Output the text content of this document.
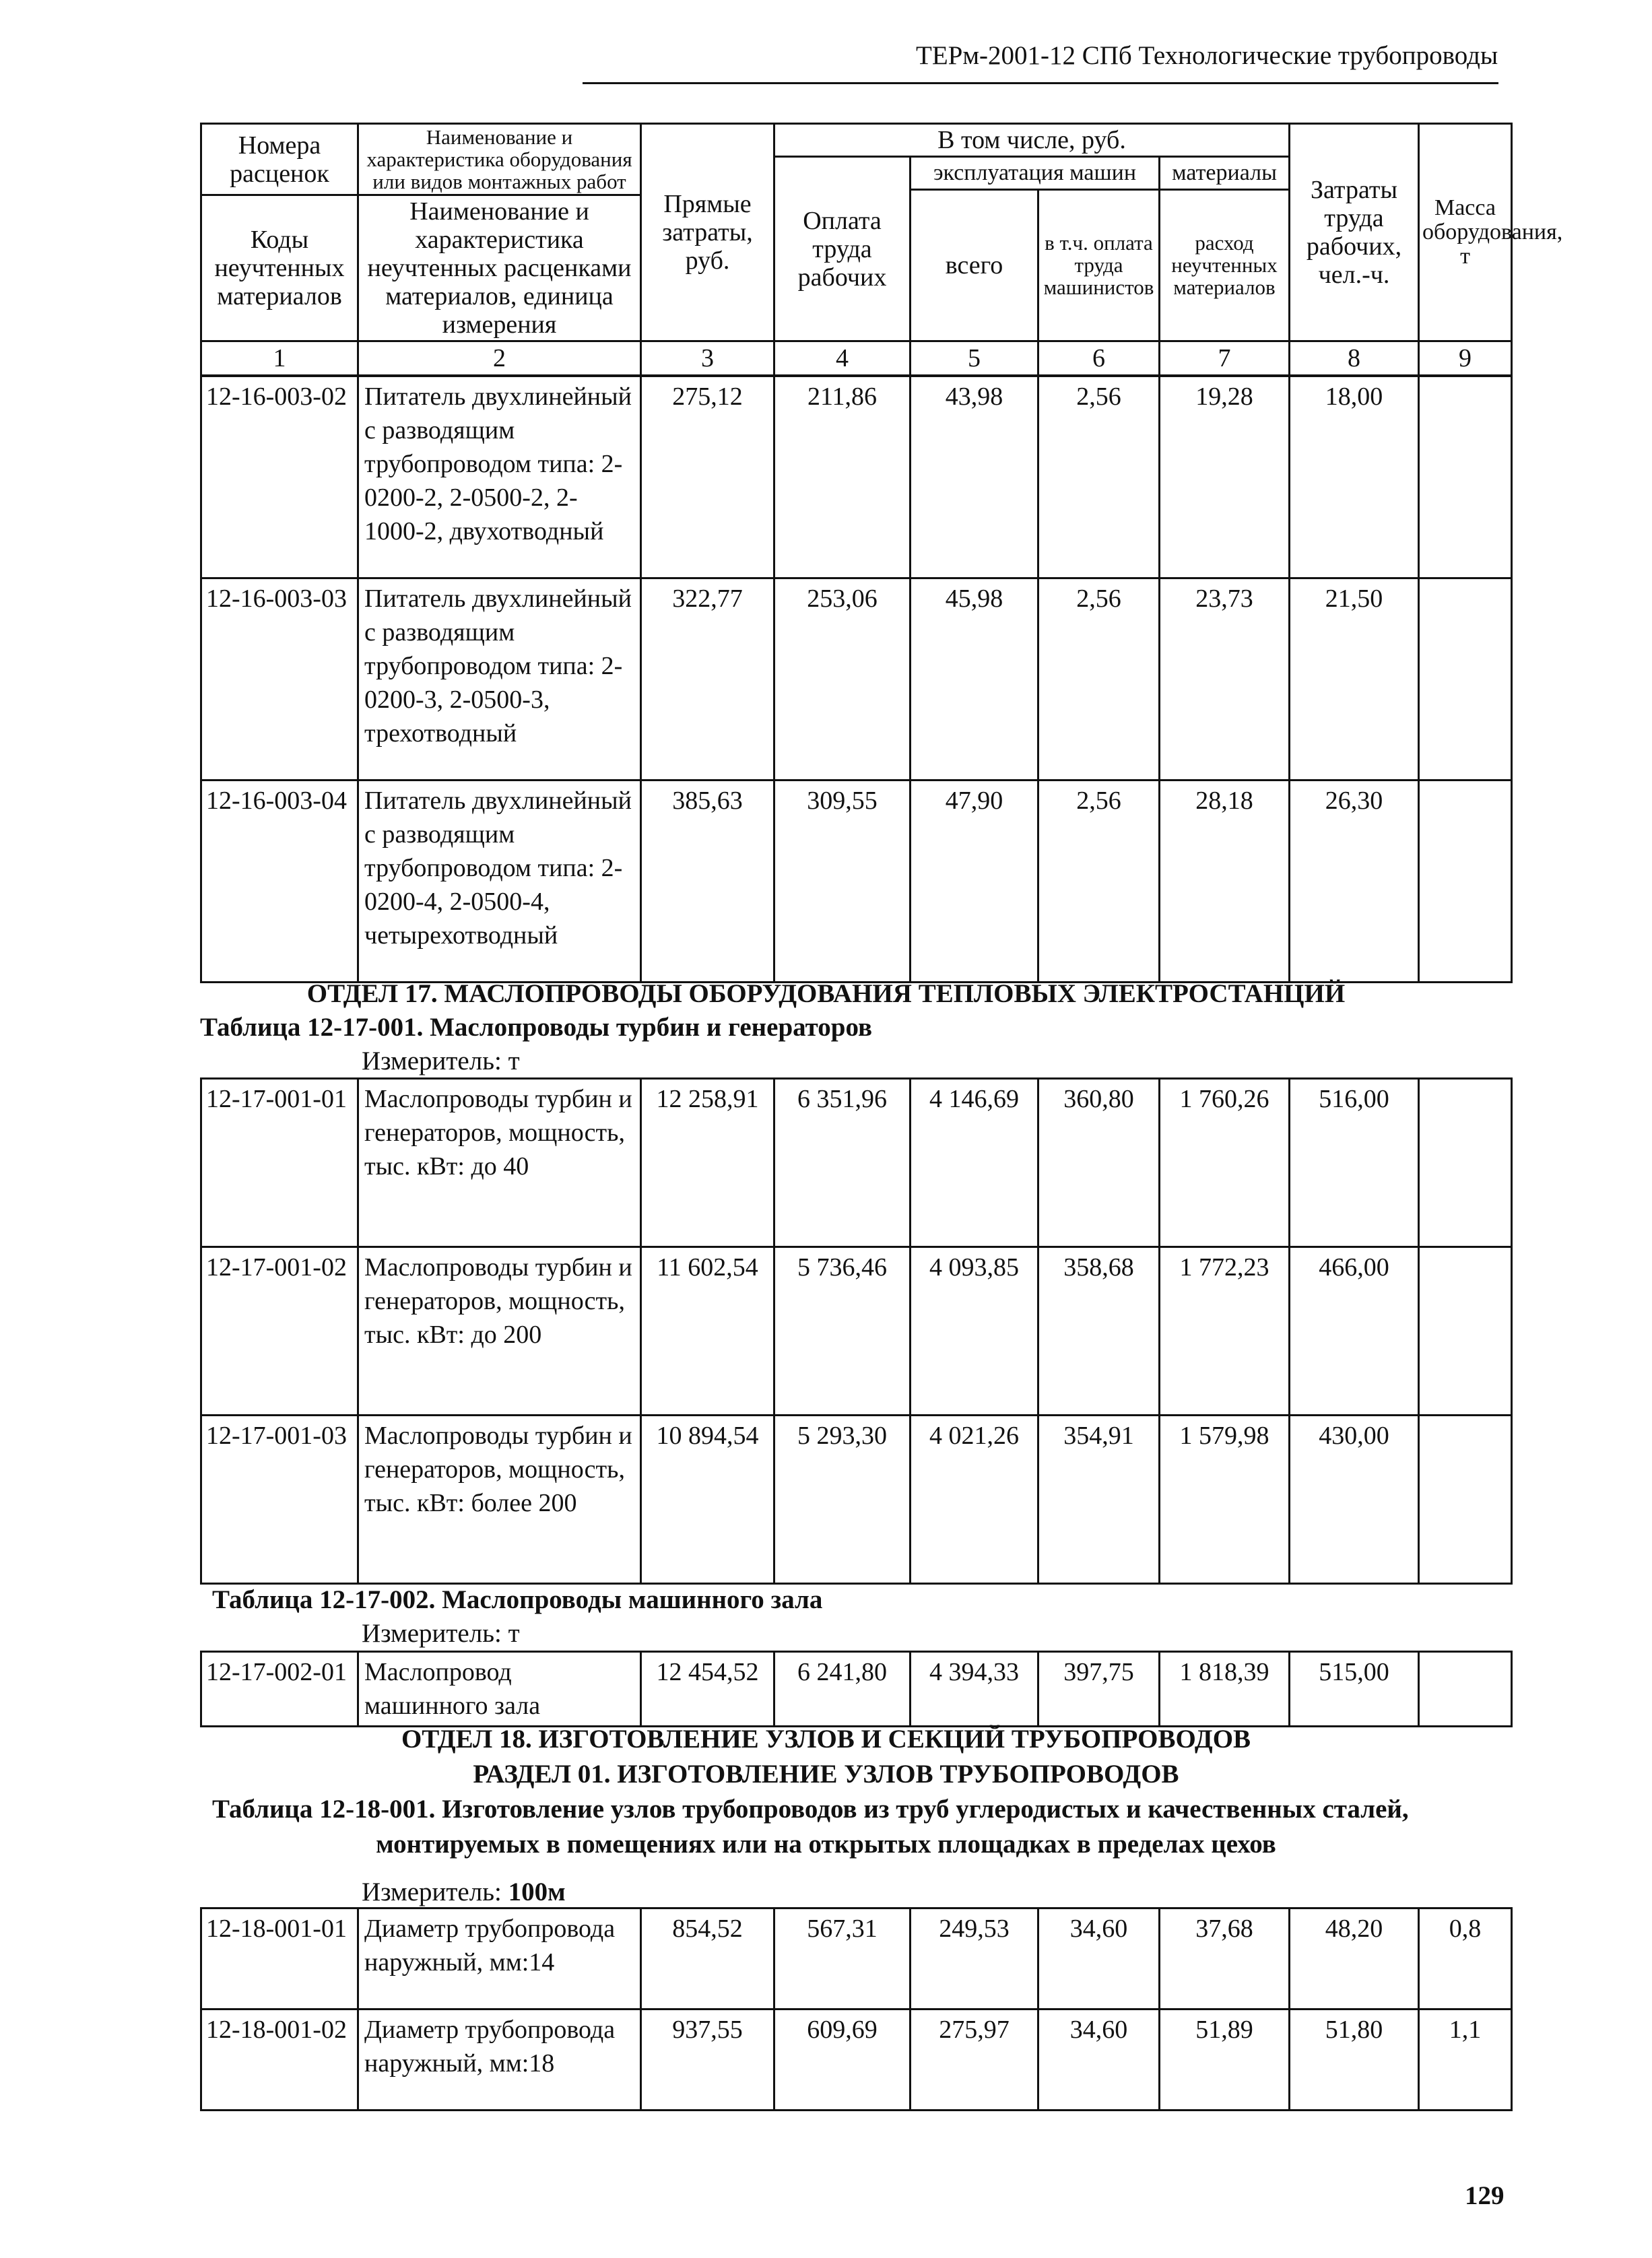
ТЕРм-2001-12 СПб Технологические трубопроводы
Номера расценок	Наименование и характеристика оборудования или видов монтажных работ	Прямые затраты, руб.	В том числе, руб.				Затраты труда рабочих, чел.-ч.	Масса оборудования, т
			Оплата труда рабочих	эксплуатация машин		материалы		
				всего	в т.ч. оплата труда машинистов	расход неучтенных материалов		
Коды неучтенных материалов	Наименование и характеристика неучтенных расценками материалов, единица измерения							

1	2	3	4	5	6	7	8	9
12-16-003-02	Питатель двухлинейный с разводящим трубопроводом типа: 2-0200-2, 2-0500-2, 2-1000-2, двухотводный	275,12	211,86	43,98	2,56	19,28	18,00	
12-16-003-03	Питатель двухлинейный с разводящим трубопроводом типа: 2-0200-3, 2-0500-3, трехотводный	322,77	253,06	45,98	2,56	23,73	21,50	
12-16-003-04	Питатель двухлинейный с разводящим трубопроводом типа: 2-0200-4, 2-0500-4, четырехотводный	385,63	309,55	47,90	2,56	28,18	26,30	
ОТДЕЛ 17. МАСЛОПРОВОДЫ ОБОРУДОВАНИЯ ТЕПЛОВЫХ ЭЛЕКТРОСТАНЦИЙ
Таблица 12-17-001. Маслопроводы турбин и генераторов
Измеритель: т
12-17-001-01	Маслопроводы турбин и генераторов, мощность, тыс. кВт: до 40	12 258,91	6 351,96	4 146,69	360,80	1 760,26	516,00	
12-17-001-02	Маслопроводы турбин и генераторов, мощность, тыс. кВт: до 200	11 602,54	5 736,46	4 093,85	358,68	1 772,23	466,00	
12-17-001-03	Маслопроводы турбин и генераторов, мощность, тыс. кВт: более 200	10 894,54	5 293,30	4 021,26	354,91	1 579,98	430,00	
Таблица 12-17-002. Маслопроводы машинного зала
Измеритель: т
12-17-002-01	Маслопровод машинного зала	12 454,52	6 241,80	4 394,33	397,75	1 818,39	515,00	
ОТДЕЛ 18. ИЗГОТОВЛЕНИЕ УЗЛОВ И СЕКЦИЙ ТРУБОПРОВОДОВ
РАЗДЕЛ 01. ИЗГОТОВЛЕНИЕ УЗЛОВ ТРУБОПРОВОДОВ
Таблица 12-18-001. Изготовление узлов трубопроводов из труб углеродистых и качественных сталей,
монтируемых в помещениях или на открытых площадках в пределах цехов
Измеритель: 100м
12-18-001-01	Диаметр трубопровода наружный, мм:14	854,52	567,31	249,53	34,60	37,68	48,20	0,8
12-18-001-02	Диаметр трубопровода наружный, мм:18	937,55	609,69	275,97	34,60	51,89	51,80	1,1
129
